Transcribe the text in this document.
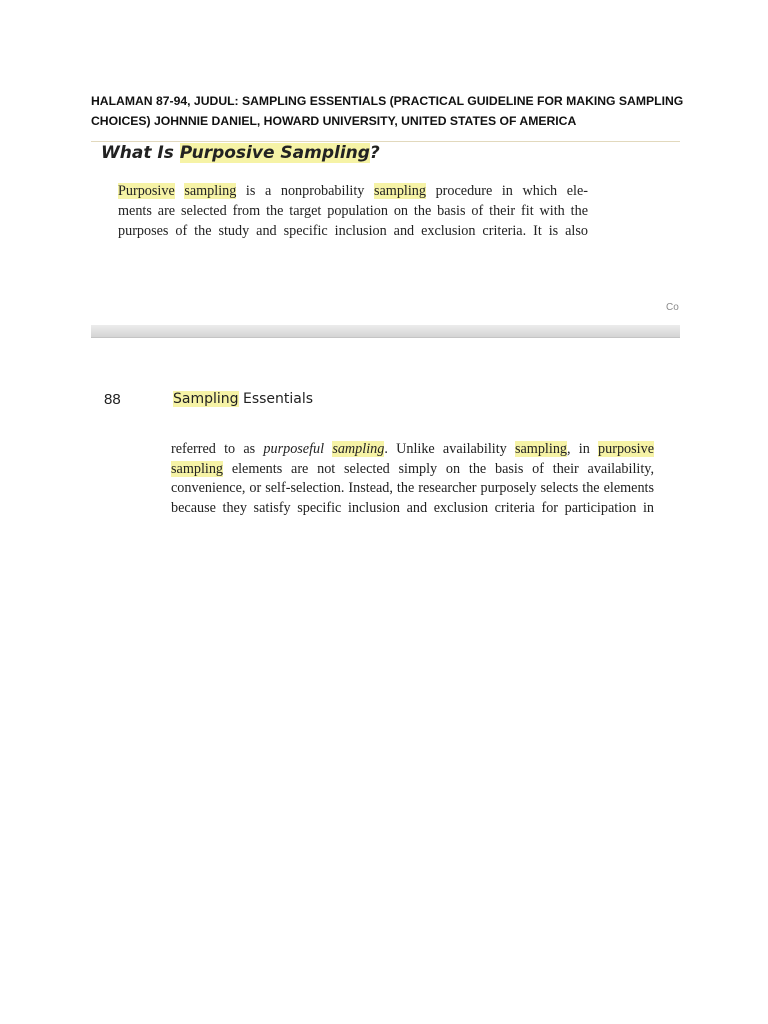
HALAMAN 87-94, JUDUL: SAMPLING ESSENTIALS (PRACTICAL GUIDELINE FOR MAKING SAMPLING
CHOICES) JOHNNIE DANIEL, HOWARD UNIVERSITY, UNITED STATES OF AMERICA
What Is Purposive Sampling?
Purposive sampling is a nonprobability sampling procedure in which ele-
ments are selected from the target population on the basis of their fit with the
purposes of the study and specific inclusion and exclusion criteria. It is also
Co
88	Sampling Essentials
referred to as purposeful sampling. Unlike availability sampling, in purposive
sampling elements are not selected simply on the basis of their availability,
convenience, or self-selection. Instead, the researcher purposely selects the elements
because they satisfy specific inclusion and exclusion criteria for participation in
